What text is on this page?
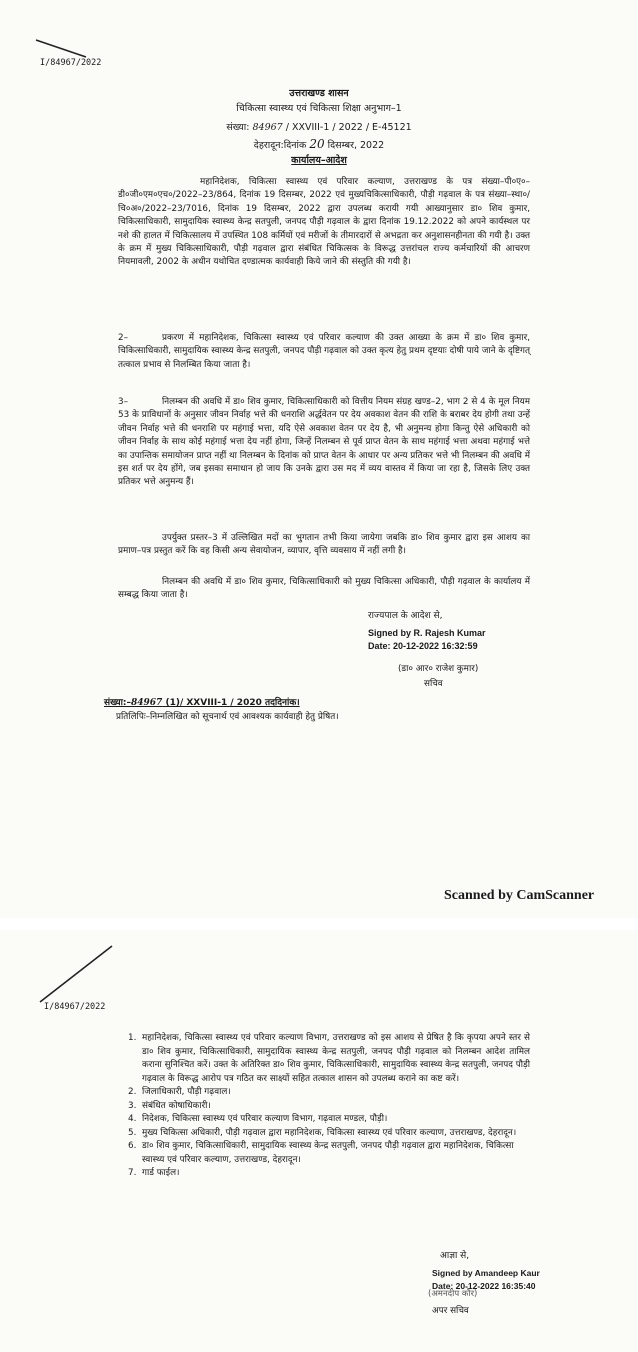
I/84967/2022
उत्तराखण्ड शासन
चिकित्सा स्वास्थ्य एवं चिकित्सा शिक्षा अनुभाग–1
संख्या: 84967 / XXVIII-1 / 2022 / E-45121
देहरादून:दिनांक 20 दिसम्बर, 2022
कार्यालय–आदेश
महानिदेशक, चिकित्सा स्वास्थ्य एवं परिवार कल्याण, उत्तराखण्ड के पत्र संख्या–पी०ए०–डी०जी०एम०एच०/2022–23/864, दिनांक 19 दिसम्बर, 2022 एवं मुख्यचिकित्साधिकारी, पौड़ी गढ़वाल के पत्र संख्या–स्था०/चि०अ०/2022–23/7016, दिनांक 19 दिसम्बर, 2022 द्वारा उपलब्ध करायी गयी आख्यानुसार डा० शिव कुमार, चिकित्साधिकारी, सामुदायिक स्वास्थ्य केन्द्र सतपुली, जनपद पौड़ी गढ़वाल के द्वारा दिनांक 19.12.2022 को अपने कार्यस्थल पर नशे की हालत में चिकित्सालय में उपस्थित 108 कर्मियों एवं मरीजों के तीमारदारों से अभद्रता कर अनुशासनहीनता की गयी है। उक्त के क्रम में मुख्य चिकित्साधिकारी, पौड़ी गढ़वाल द्वारा संबंधित चिकित्सक के विरूद्ध उत्तरांचल राज्य कर्मचारियों की आचरण नियमावली, 2002 के अधीन यथोचित दण्डात्मक कार्यवाही किये जाने की संस्तुति की गयी है।
2–	प्रकरण में महानिदेशक, चिकित्सा स्वास्थ्य एवं परिवार कल्याण की उक्त आख्या के क्रम में डा० शिव कुमार, चिकित्साधिकारी, सामुदायिक स्वास्थ्य केन्द्र सतपुली, जनपद पौड़ी गढ़वाल को उक्त कृत्य हेतु प्रथम दृष्टयाः दोषी पाये जाने के दृष्टिगत् तत्काल प्रभाव से निलम्बित किया जाता है।
3–	निलम्बन की अवधि में डा० शिव कुमार, चिकित्साधिकारी को वित्तीय नियम संग्रह खण्ड–2, भाग 2 से 4 के मूल नियम 53 के प्राविधानों के अनुसार जीवन निर्वाह भत्ते की धनराशि अर्द्धवेतन पर देय अवकाश वेतन की राशि के बराबर देय होगी तथा उन्हें जीवन निर्वाह भत्ते की धनराशि पर महंगाई भत्ता, यदि ऐसे अवकाश वेतन पर देय है, भी अनुमन्य होगा किन्तु ऐसे अधिकारी को जीवन निर्वाह के साथ कोई महंगाई भत्ता देय नहीं होगा, जिन्हें निलम्बन से पूर्व प्राप्त वेतन के साथ महंगाई भत्ता अथवा महंगाई भत्ते का उपान्तिक समायोजन प्राप्त नहीं था निलम्बन के दिनांक को प्राप्त वेतन के आधार पर अन्य प्रतिकर भत्ते भी निलम्बन की अवधि में इस शर्त पर देय होंगे, जब इसका समाधान हो जाय कि उनके द्वारा उस मद में व्यय वास्तव में किया जा रहा है, जिसके लिए उक्त प्रतिकर भत्ते अनुमन्य हैं।
उपर्युक्त प्रस्तर–3 में उल्लिखित मदों का भुगतान तभी किया जायेगा जबकि डा० शिव कुमार द्वारा इस आशय का प्रमाण–पत्र प्रस्तुत करें कि वह किसी अन्य सेवायोजन, व्यापार, वृत्ति व्यवसाय में नहीं लगी है।
निलम्बन की अवधि में डा० शिव कुमार, चिकित्साधिकारी को मुख्य चिकित्सा अधिकारी, पौड़ी गढ़वाल के कार्यालय में सम्बद्ध किया जाता है।
राज्यपाल के आदेश से,
Signed by R. Rajesh Kumar
Date: 20-12-2022 16:32:59
(डा० आर० राजेश कुमार)
सचिव
संख्या:–84967 (1)/ XXVIII-1 / 2020 तददिनांक।
प्रतिलिपिः–निम्नलिखित को सूचनार्थ एवं आवश्यक कार्यवाही हेतु प्रेषित।
Scanned by CamScanner
I/84967/2022
1. महानिदेशक, चिकित्सा स्वास्थ्य एवं परिवार कल्याण विभाग, उत्तराखण्ड को इस आशय से प्रेषित है कि कृपया अपने स्तर से डा० शिव कुमार, चिकित्साधिकारी, सामुदायिक स्वास्थ्य केन्द्र सतपुली, जनपद पौड़ी गढ़वाल को निलम्बन आदेश तामिल कराना सुनिश्चित करें। उक्त के अतिरिक्त डा० शिव कुमार, चिकित्साधिकारी, सामुदायिक स्वास्थ्य केन्द्र सतपुली, जनपद पौड़ी गढ़वाल के विरूद्ध आरोप पत्र गठित कर साक्ष्यों सहित तत्काल शासन को उपलब्ध कराने का कष्ट करें।
2. जिलाधिकारी, पौड़ी गढ़वाल।
3. संबंधित कोषाधिकारी।
4. निदेशक, चिकित्सा स्वास्थ्य एवं परिवार कल्याण विभाग, गढ़वाल मण्डल, पौड़ी।
5. मुख्य चिकित्सा अधिकारी, पौड़ी गढ़वाल द्वारा महानिदेशक, चिकित्सा स्वास्थ्य एवं परिवार कल्याण, उत्तराखण्ड, देहरादून।
6. डा० शिव कुमार, चिकित्साधिकारी, सामुदायिक स्वास्थ्य केन्द्र सतपुली, जनपद पौड़ी गढ़वाल द्वारा महानिदेशक, चिकित्सा स्वास्थ्य एवं परिवार कल्याण, उत्तराखण्ड, देहरादून।
7. गार्ड फाईल।
आज्ञा से,
Signed by Amandeep Kaur
Date: 20-12-2022 16:35:40
(अमनदीप कौर)
अपर सचिव
